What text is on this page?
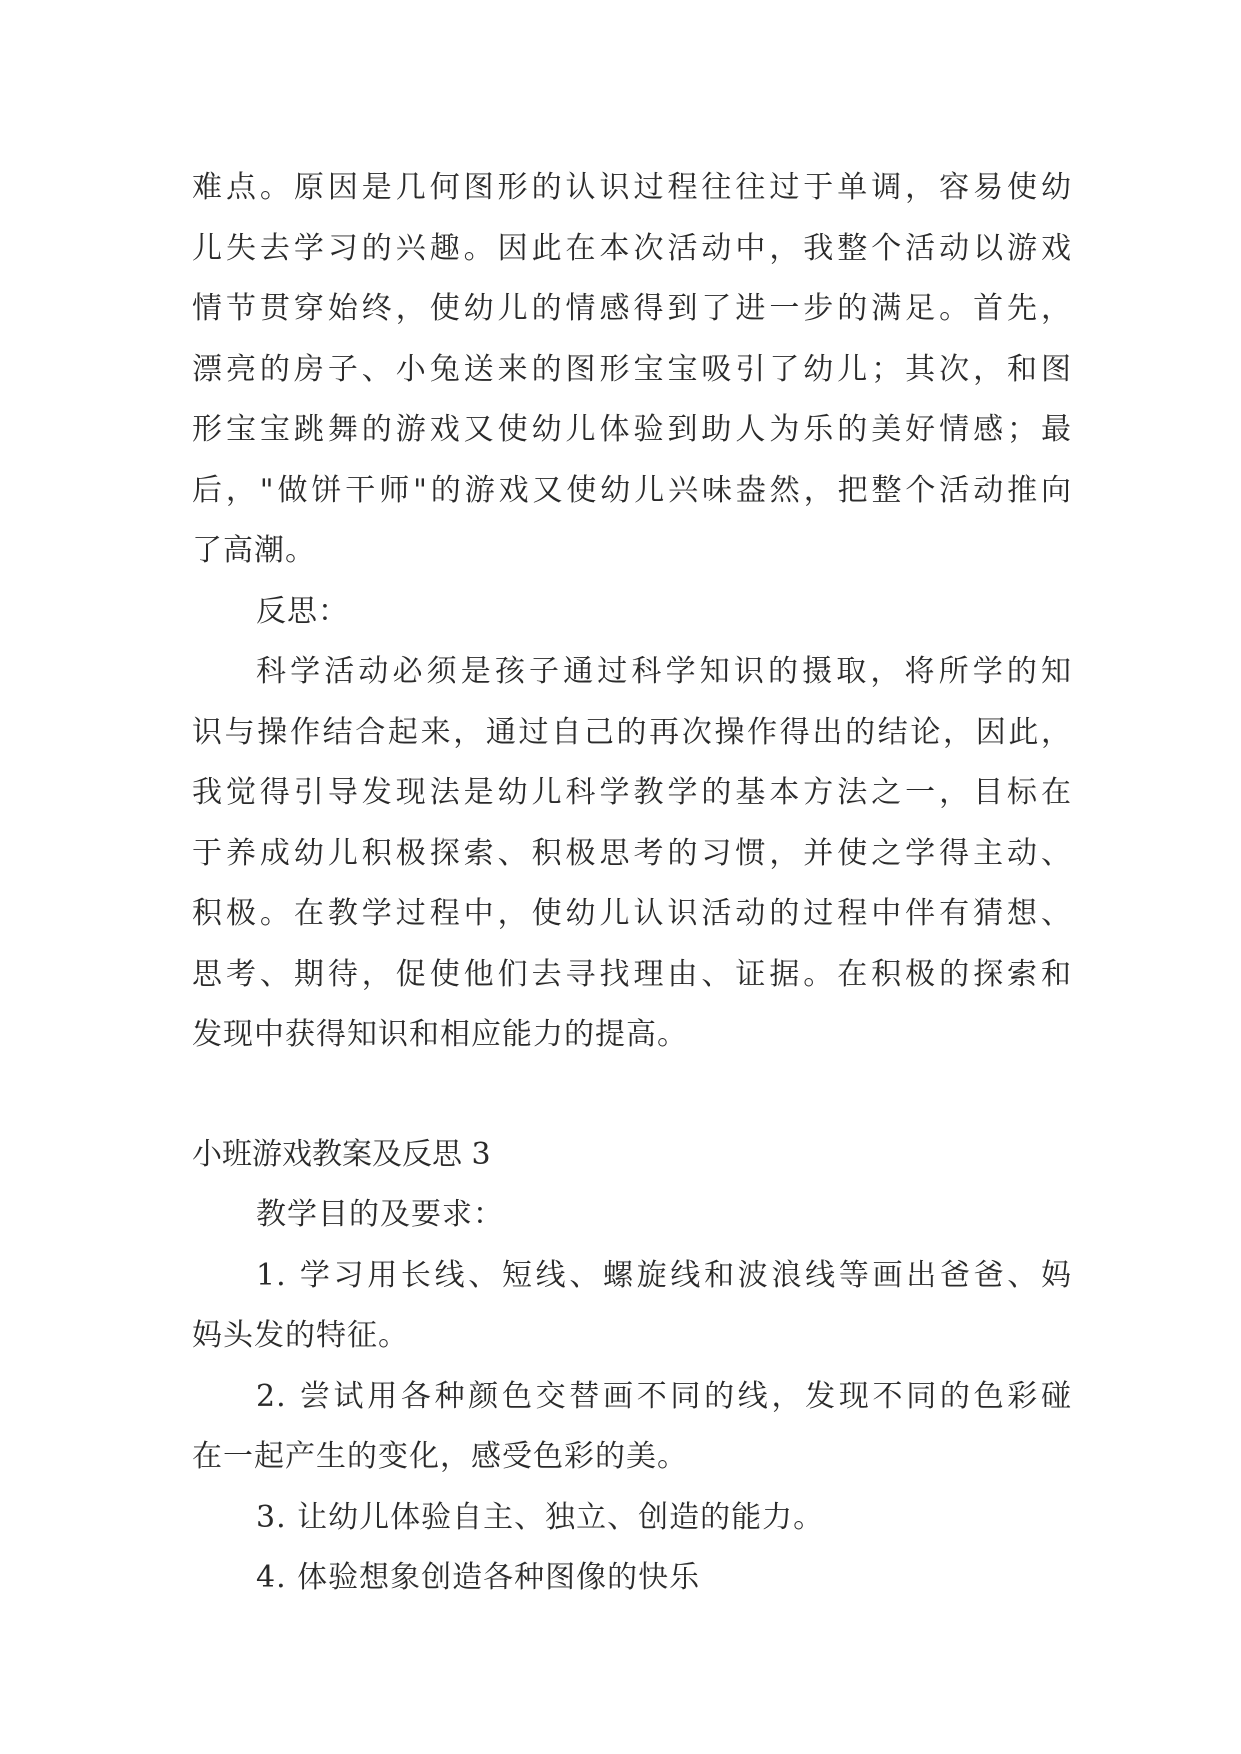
难点。原因是几何图形的认识过程往往过于单调，容易使幼
儿失去学习的兴趣。因此在本次活动中，我整个活动以游戏
情节贯穿始终，使幼儿的情感得到了进一步的满足。首先，
漂亮的房子、小兔送来的图形宝宝吸引了幼儿；其次，和图
形宝宝跳舞的游戏又使幼儿体验到助人为乐的美好情感；最
后，"做饼干师"的游戏又使幼儿兴味盎然，把整个活动推向
了高潮。
反思：
科学活动必须是孩子通过科学知识的摄取，将所学的知
识与操作结合起来，通过自己的再次操作得出的结论，因此，
我觉得引导发现法是幼儿科学教学的基本方法之一，目标在
于养成幼儿积极探索、积极思考的习惯，并使之学得主动、
积极。在教学过程中，使幼儿认识活动的过程中伴有猜想、
思考、期待，促使他们去寻找理由、证据。在积极的探索和
发现中获得知识和相应能力的提高。
小班游戏教案及反思 3
教学目的及要求：
1. 学习用长线、短线、螺旋线和波浪线等画出爸爸、妈
妈头发的特征。
2. 尝试用各种颜色交替画不同的线，发现不同的色彩碰
在一起产生的变化，感受色彩的美。
3. 让幼儿体验自主、独立、创造的能力。
4. 体验想象创造各种图像的快乐
